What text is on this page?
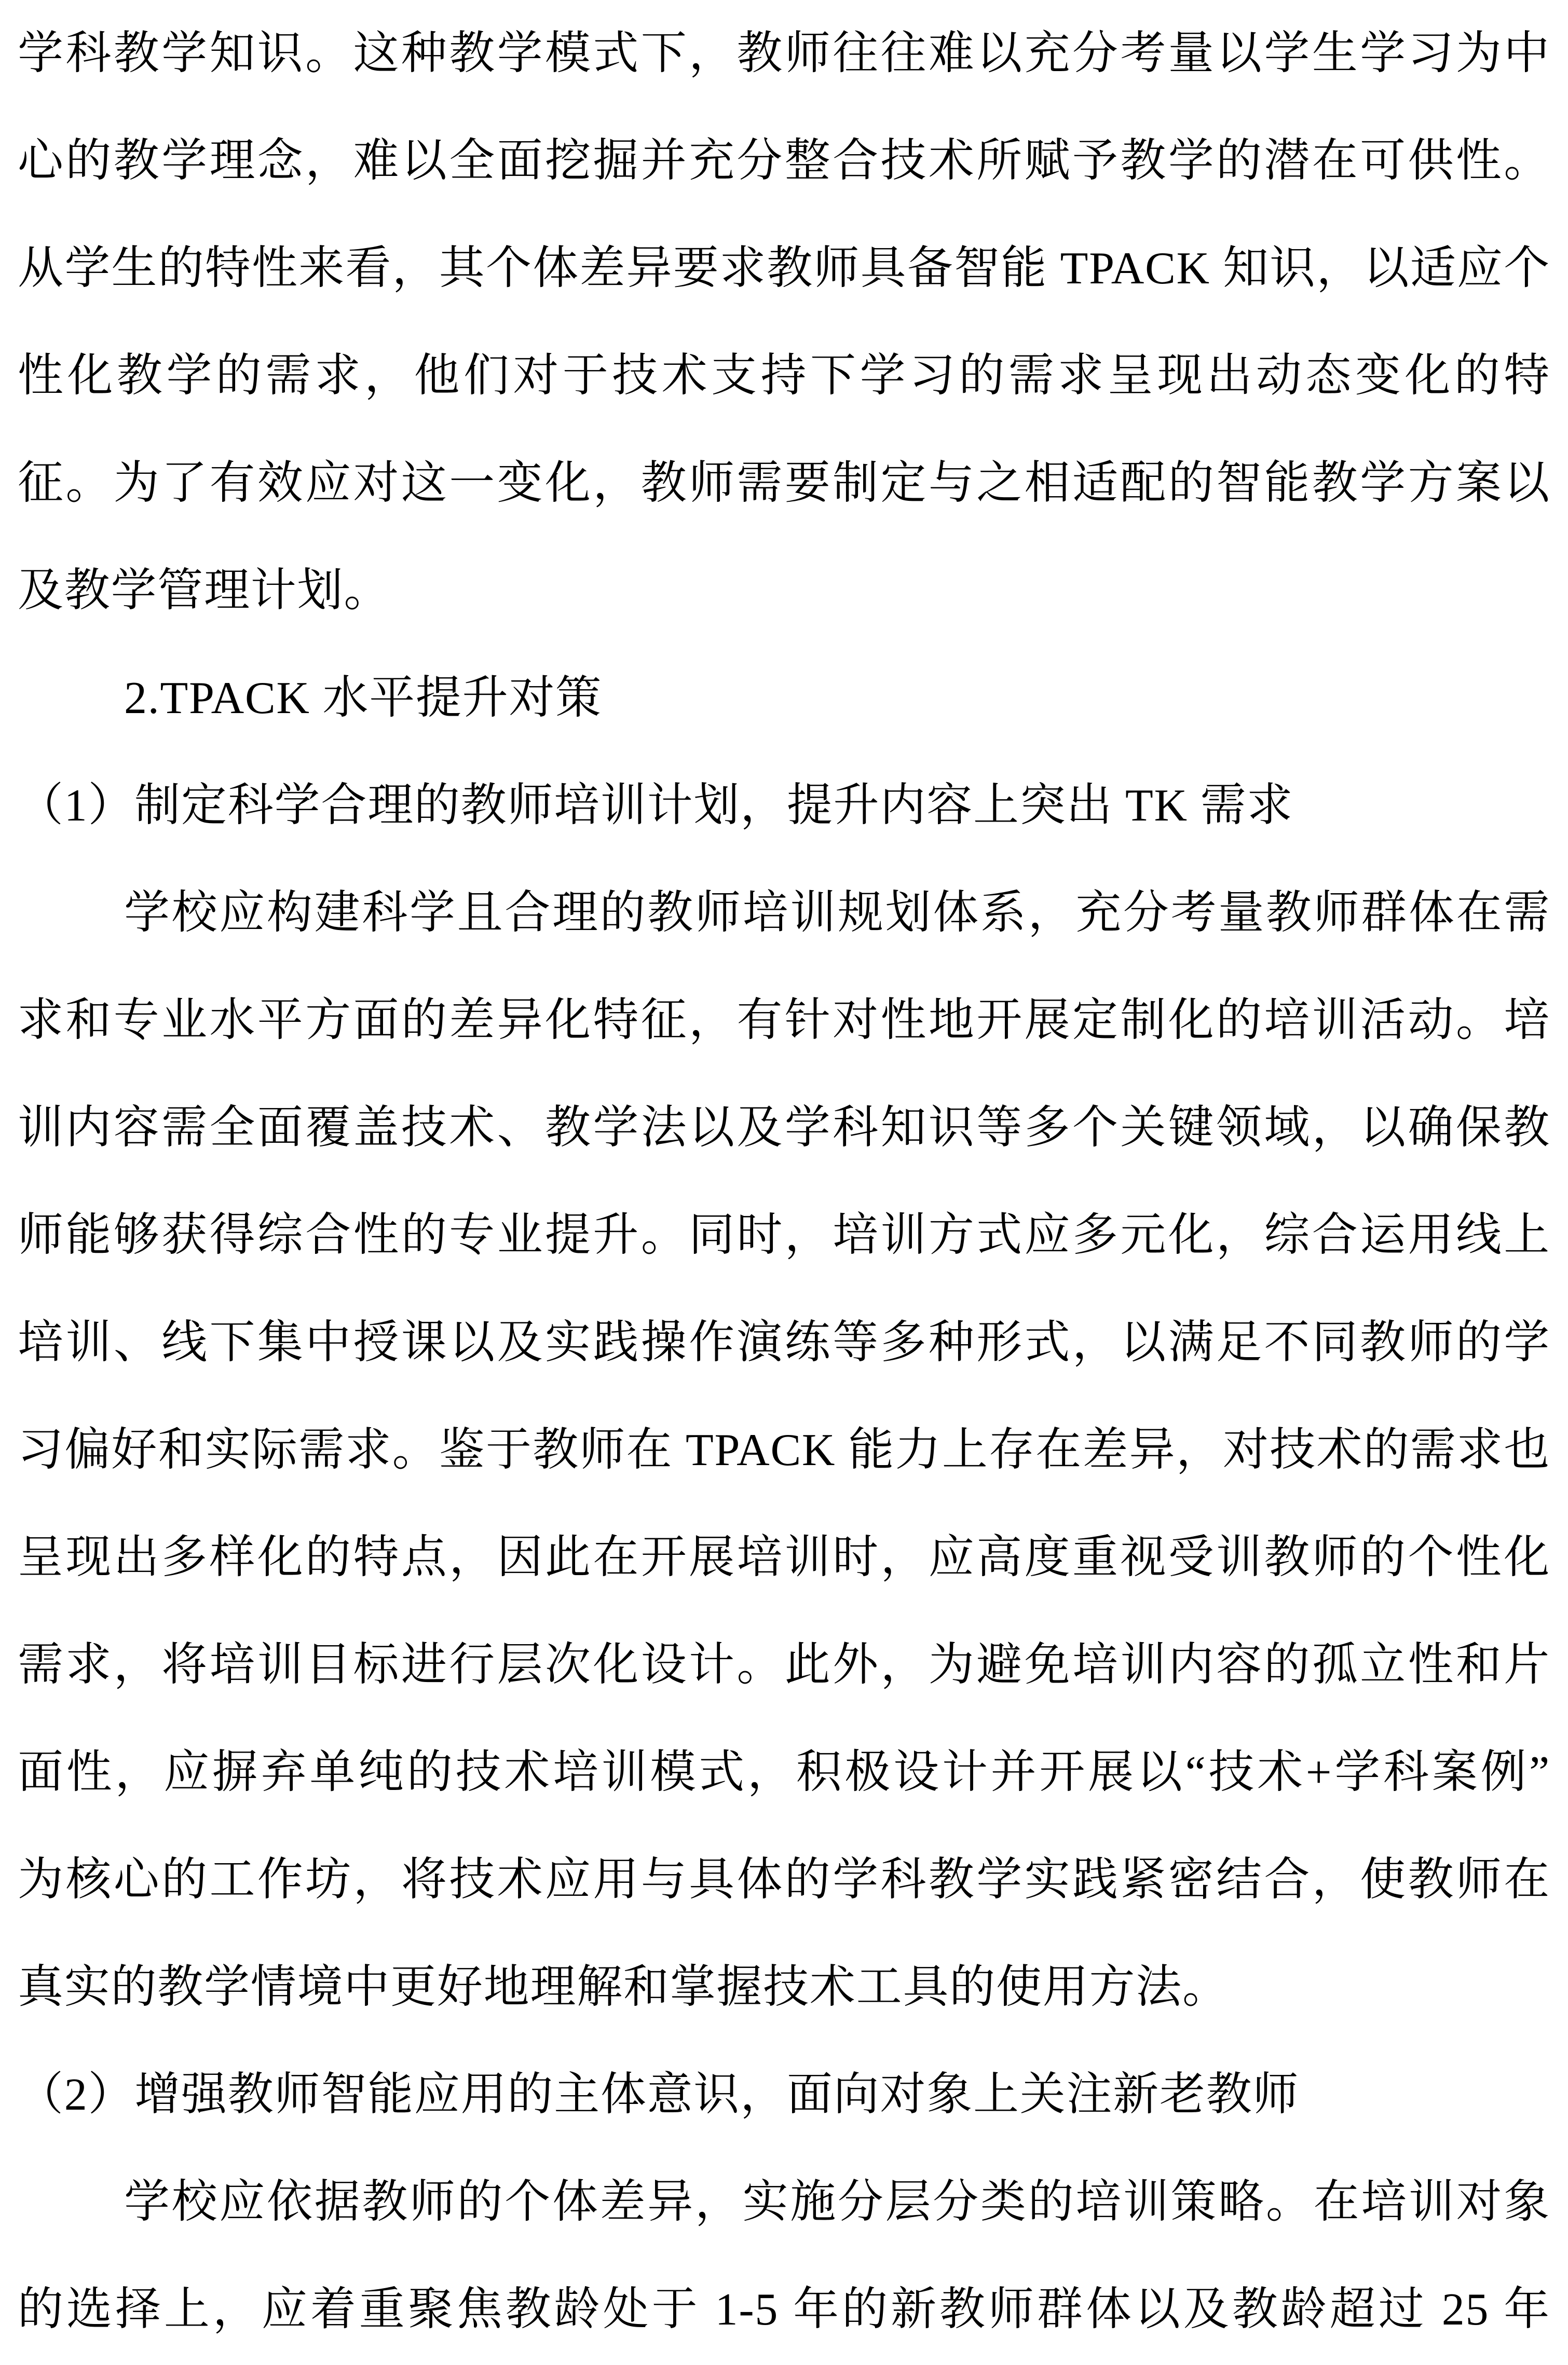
学科教学知识。这种教学模式下，教师往往难以充分考量以学生学习为中
心的教学理念，难以全面挖掘并充分整合技术所赋予教学的潜在可供性。
从学生的特性来看，其个体差异要求教师具备智能 TPACK 知识，以适应个
性化教学的需求，他们对于技术支持下学习的需求呈现出动态变化的特
征。为了有效应对这一变化，教师需要制定与之相适配的智能教学方案以
及教学管理计划。
2.TPACK 水平提升对策
（1）制定科学合理的教师培训计划，提升内容上突出 TK 需求
学校应构建科学且合理的教师培训规划体系，充分考量教师群体在需
求和专业水平方面的差异化特征，有针对性地开展定制化的培训活动。培
训内容需全面覆盖技术、教学法以及学科知识等多个关键领域，以确保教
师能够获得综合性的专业提升。同时，培训方式应多元化，综合运用线上
培训、线下集中授课以及实践操作演练等多种形式，以满足不同教师的学
习偏好和实际需求。鉴于教师在 TPACK 能力上存在差异，对技术的需求也
呈现出多样化的特点，因此在开展培训时，应高度重视受训教师的个性化
需求，将培训目标进行层次化设计。此外，为避免培训内容的孤立性和片
面性，应摒弃单纯的技术培训模式，积极设计并开展以“技术+学科案例”
为核心的工作坊，将技术应用与具体的学科教学实践紧密结合，使教师在
真实的教学情境中更好地理解和掌握技术工具的使用方法。
（2）增强教师智能应用的主体意识，面向对象上关注新老教师
学校应依据教师的个体差异，实施分层分类的培训策略。在培训对象
的选择上，应着重聚焦教龄处于 1-5 年的新教师群体以及教龄超过 25 年
